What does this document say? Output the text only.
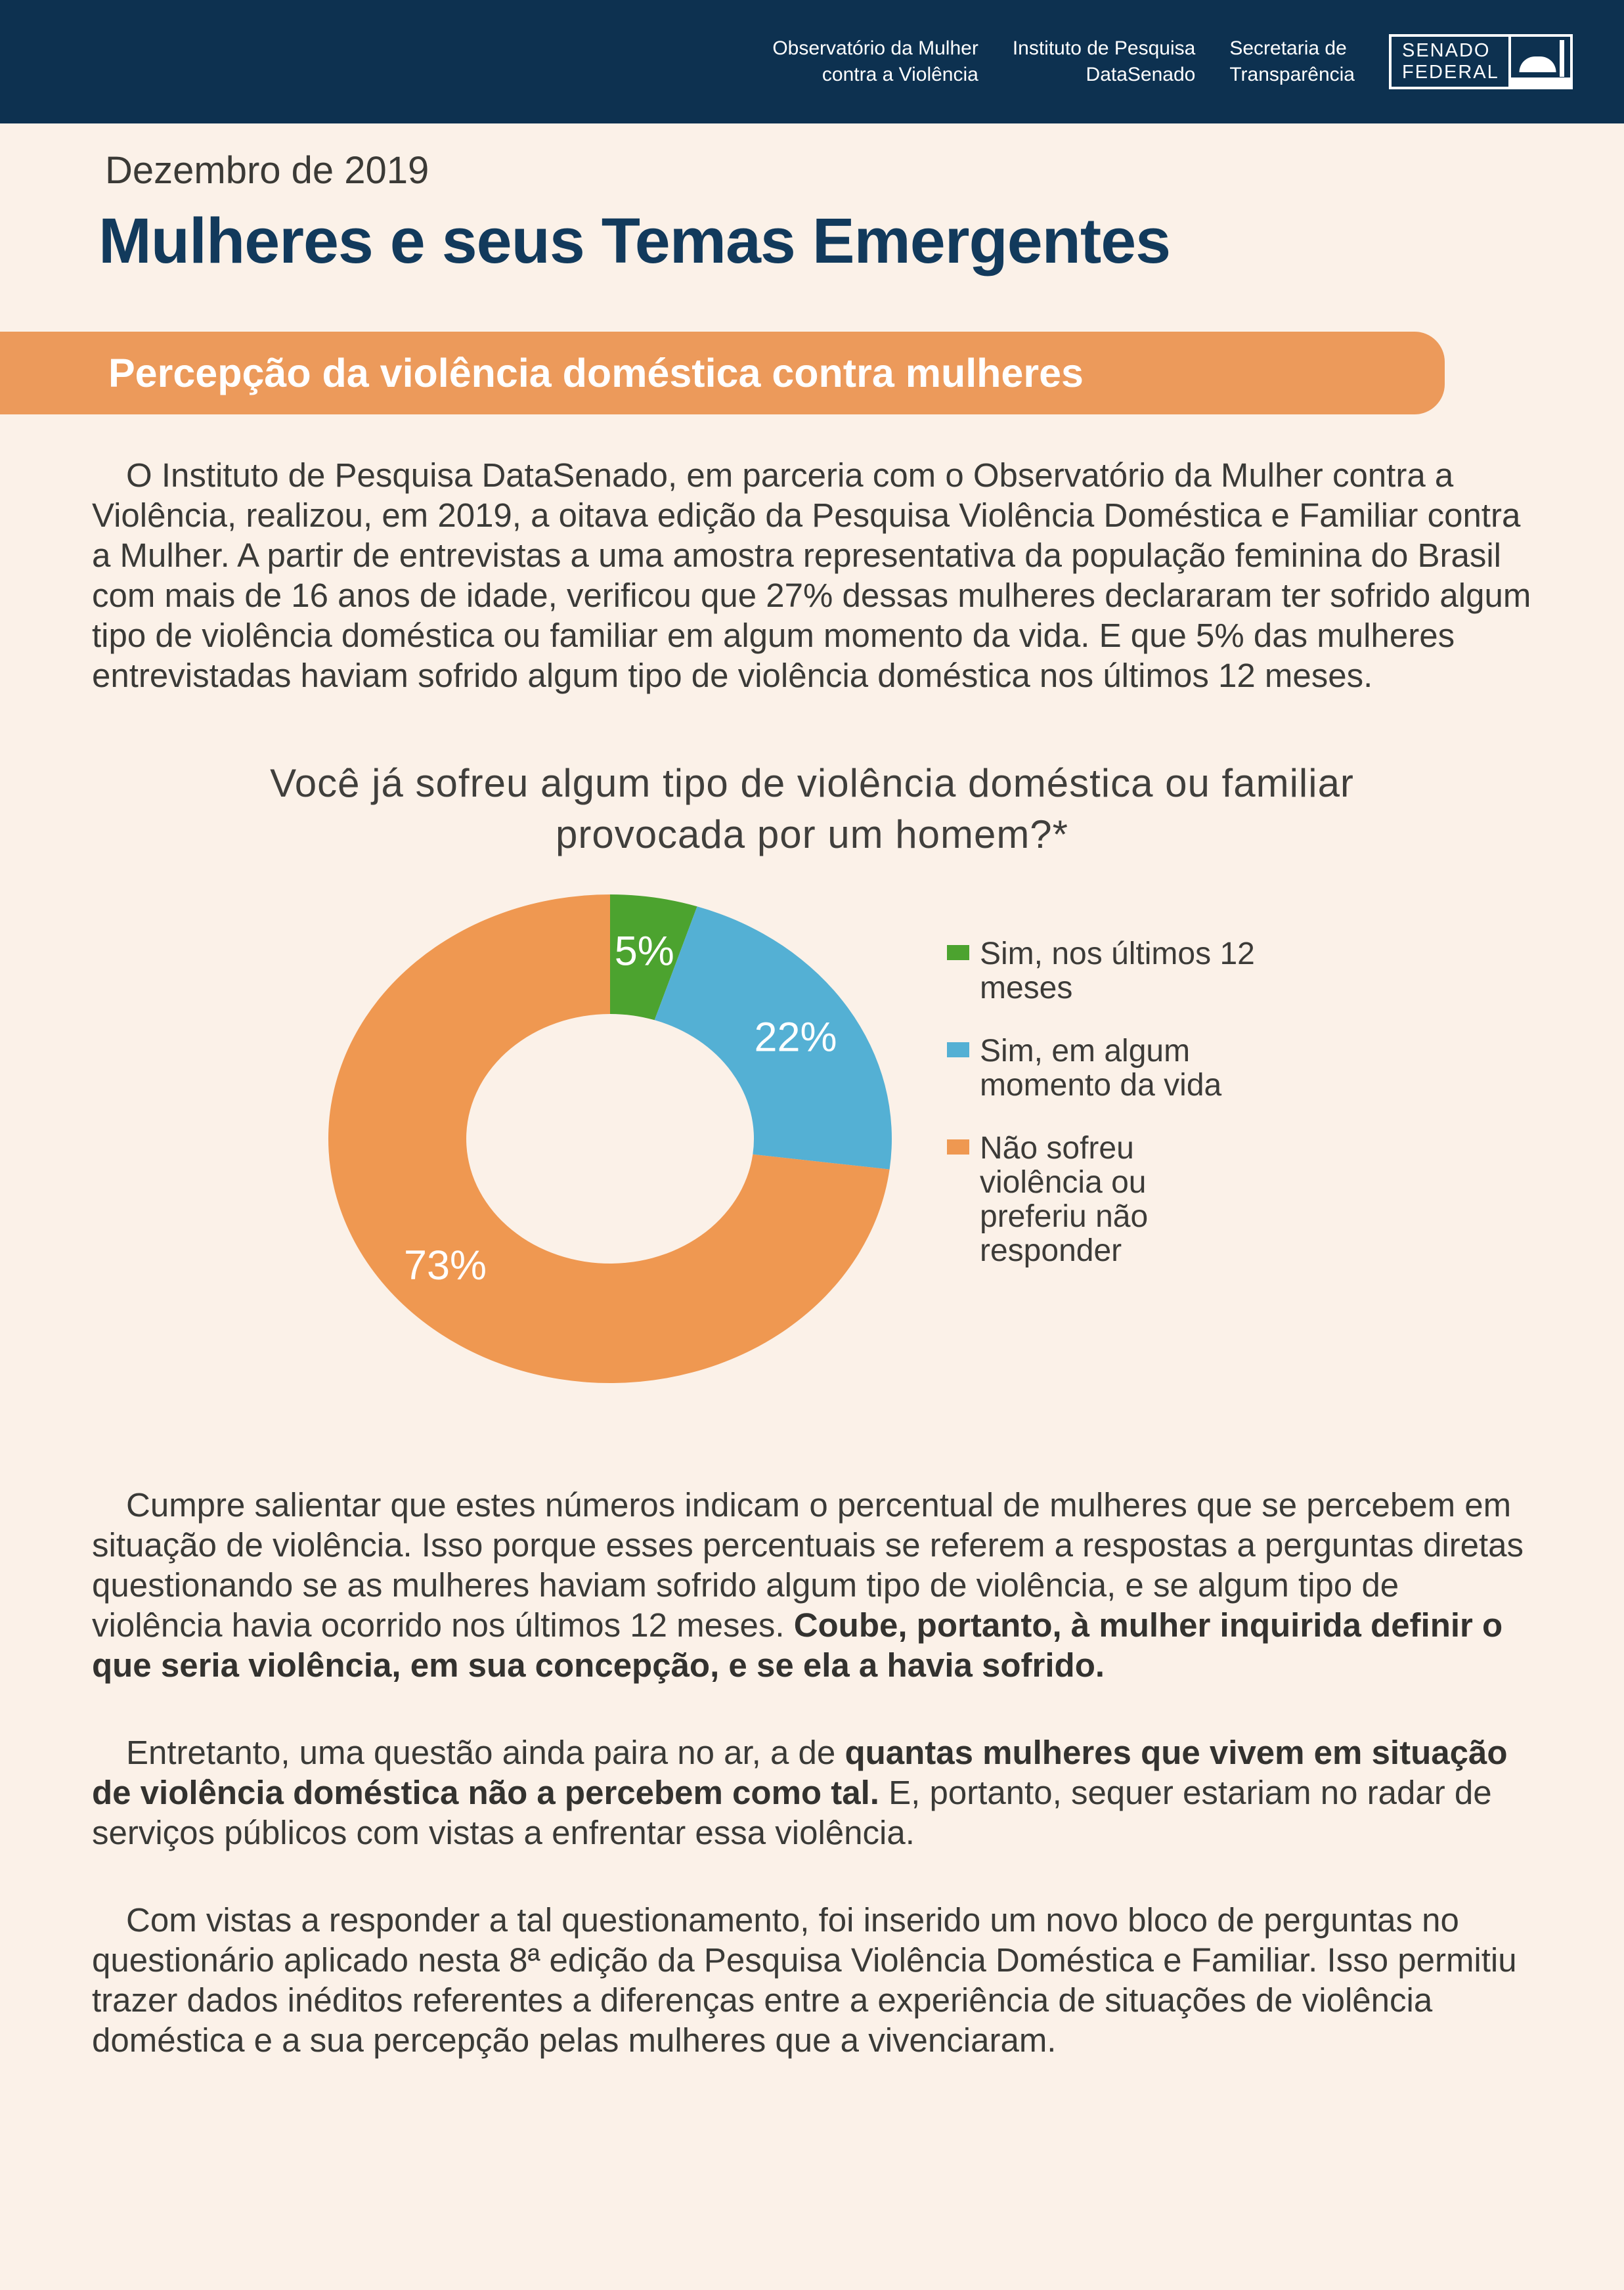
Observatório da Mulher
contra a Violência
Instituto de Pesquisa
DataSenado
Secretaria de
Transparência
SENADO
FEDERAL
Dezembro de 2019
Mulheres e seus Temas Emergentes
Percepção da violência doméstica contra mulheres

O Instituto de Pesquisa DataSenado, em parceria com o Observatório da Mulher contra a Violência, realizou, em 2019, a oitava edição da Pesquisa Violência Doméstica e Familiar contra a Mulher. A partir de entrevistas a uma amostra representativa da população feminina do Brasil com mais de 16 anos de idade, verificou que 27% dessas mulheres declararam ter sofrido algum tipo de violência doméstica ou familiar em algum momento da vida. E que 5% das mulheres entrevistadas haviam sofrido algum tipo de violência doméstica nos últimos 12 meses.

Você já sofreu algum tipo de violência doméstica ou familiar provocada por um homem?*
5%
22%
73%
Sim, nos últimos 12 meses
Sim, em algum momento da vida
Não sofreu violência ou preferiu não responder

Cumpre salientar que estes números indicam o percentual de mulheres que se percebem em situação de violência. Isso porque esses percentuais se referem a respostas a perguntas diretas questionando se as mulheres haviam sofrido algum tipo de violência, e se algum tipo de violência havia ocorrido nos últimos 12 meses. Coube, portanto, à mulher inquirida definir o que seria violência, em sua concepção, e se ela a havia sofrido.

Entretanto, uma questão ainda paira no ar, a de quantas mulheres que vivem em situação de violência doméstica não a percebem como tal. E, portanto, sequer estariam no radar de serviços públicos com vistas a enfrentar essa violência.

Com vistas a responder a tal questionamento, foi inserido um novo bloco de perguntas no questionário aplicado nesta 8ª edição da Pesquisa Violência Doméstica e Familiar. Isso permitiu trazer dados inéditos referentes a diferenças entre a experiência de situações de violência doméstica e a sua percepção pelas mulheres que a vivenciaram.
